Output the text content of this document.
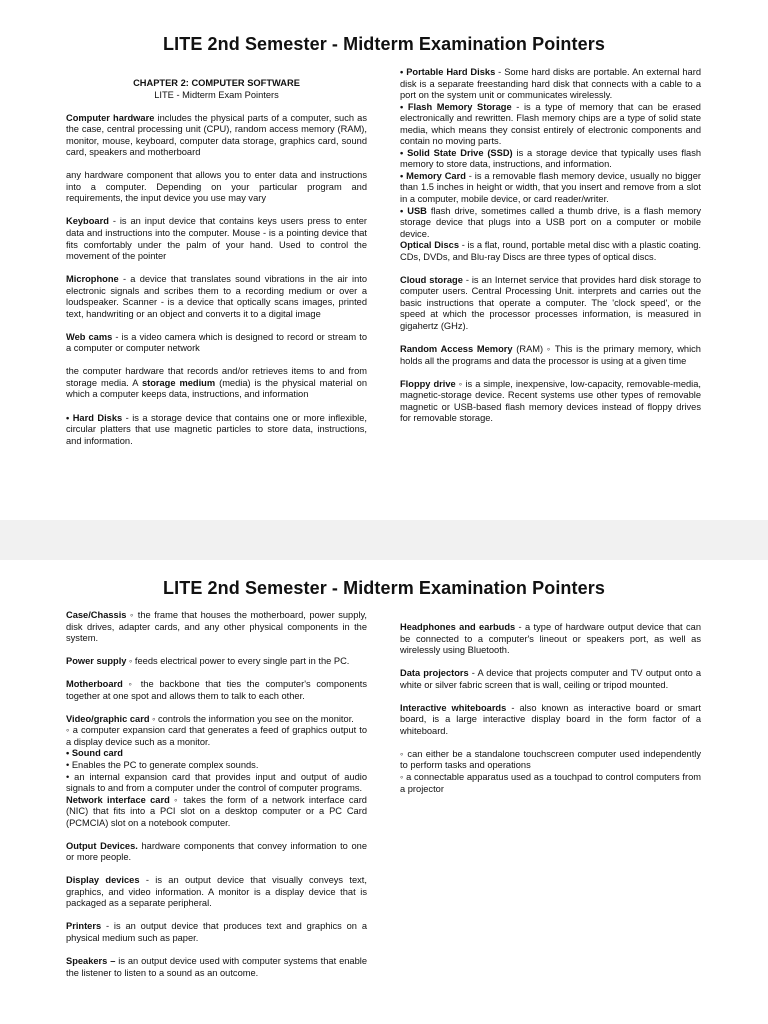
LITE 2nd Semester - Midterm Examination Pointers

CHAPTER 2: COMPUTER SOFTWARE
LITE - Midterm Exam Pointers

Computer hardware includes the physical parts of a computer, such as the case, central processing unit (CPU), random access memory (RAM), monitor, mouse, keyboard, computer data storage, graphics card, sound card, speakers and motherboard

any hardware component that allows you to enter data and instructions into a computer. Depending on your particular program and requirements, the input device you use may vary

Keyboard - is an input device that contains keys users press to enter data and instructions into the computer. Mouse - is a pointing device that fits comfortably under the palm of your hand. Used to control the movement of the pointer

Microphone - a device that translates sound vibrations in the air into electronic signals and scribes them to a recording medium or over a loudspeaker. Scanner - is a device that optically scans images, printed text, handwriting or an object and converts it to a digital image

Web cams - is a video camera which is designed to record or stream to a computer or computer network

the computer hardware that records and/or retrieves items to and from storage media. A storage medium (media) is the physical material on which a computer keeps data, instructions, and information

• Hard Disks - is a storage device that contains one or more inflexible, circular platters that use magnetic particles to store data, instructions, and information.

• Portable Hard Disks - Some hard disks are portable. An external hard disk is a separate freestanding hard disk that connects with a cable to a port on the system unit or communicates wirelessly.

• Flash Memory Storage - is a type of memory that can be erased electronically and rewritten. Flash memory chips are a type of solid state media, which means they consist entirely of electronic components and contain no moving parts.

• Solid State Drive (SSD) is a storage device that typically uses flash memory to store data, instructions, and information.

• Memory Card - is a removable flash memory device, usually no bigger than 1.5 inches in height or width, that you insert and remove from a slot in a computer, mobile device, or card reader/writer.

• USB flash drive, sometimes called a thumb drive, is a flash memory storage device that plugs into a USB port on a computer or mobile device.

Optical Discs - is a flat, round, portable metal disc with a plastic coating. CDs, DVDs, and Blu-ray Discs are three types of optical discs.

Cloud storage - is an Internet service that provides hard disk storage to computer users. Central Processing Unit. interprets and carries out the basic instructions that operate a computer. The 'clock speed', or the speed at which the processor processes information, is measured in gigahertz (GHz).

Random Access Memory (RAM) ◦ This is the primary memory, which holds all the programs and data the processor is using at a given time

Floppy drive ◦ is a simple, inexpensive, low-capacity, removable-media, magnetic-storage device. Recent systems use other types of removable magnetic or USB-based flash memory devices instead of floppy drives for removable storage.

LITE 2nd Semester - Midterm Examination Pointers

Case/Chassis ◦ the frame that houses the motherboard, power supply, disk drives, adapter cards, and any other physical components in the system.

Power supply ◦ feeds electrical power to every single part in the PC.

Motherboard ◦ the backbone that ties the computer's components together at one spot and allows them to talk to each other.

Video/graphic card ◦ controls the information you see on the monitor.

◦ a computer expansion card that generates a feed of graphics output to a display device such as a monitor.

• Sound card

• Enables the PC to generate complex sounds.

• an internal expansion card that provides input and output of audio signals to and from a computer under the control of computer programs.

Network interface card ◦ takes the form of a network interface card (NIC) that fits into a PCI slot on a desktop computer or a PC Card (PCMCIA) slot on a notebook computer.

Output Devices. hardware components that convey information to one or more people.

Display devices - is an output device that visually conveys text, graphics, and video information. A monitor is a display device that is packaged as a separate peripheral.

Printers - is an output device that produces text and graphics on a physical medium such as paper.

Speakers – is an output device used with computer systems that enable the listener to listen to a sound as an outcome.

Headphones and earbuds - a type of hardware output device that can be connected to a computer's lineout or speakers port, as well as wirelessly using Bluetooth.

Data projectors - A device that projects computer and TV output onto a white or silver fabric screen that is wall, ceiling or tripod mounted.

Interactive whiteboards - also known as interactive board or smart board, is a large interactive display board in the form factor of a whiteboard.

◦ can either be a standalone touchscreen computer used independently to perform tasks and operations

◦ a connectable apparatus used as a touchpad to control computers from a projector
